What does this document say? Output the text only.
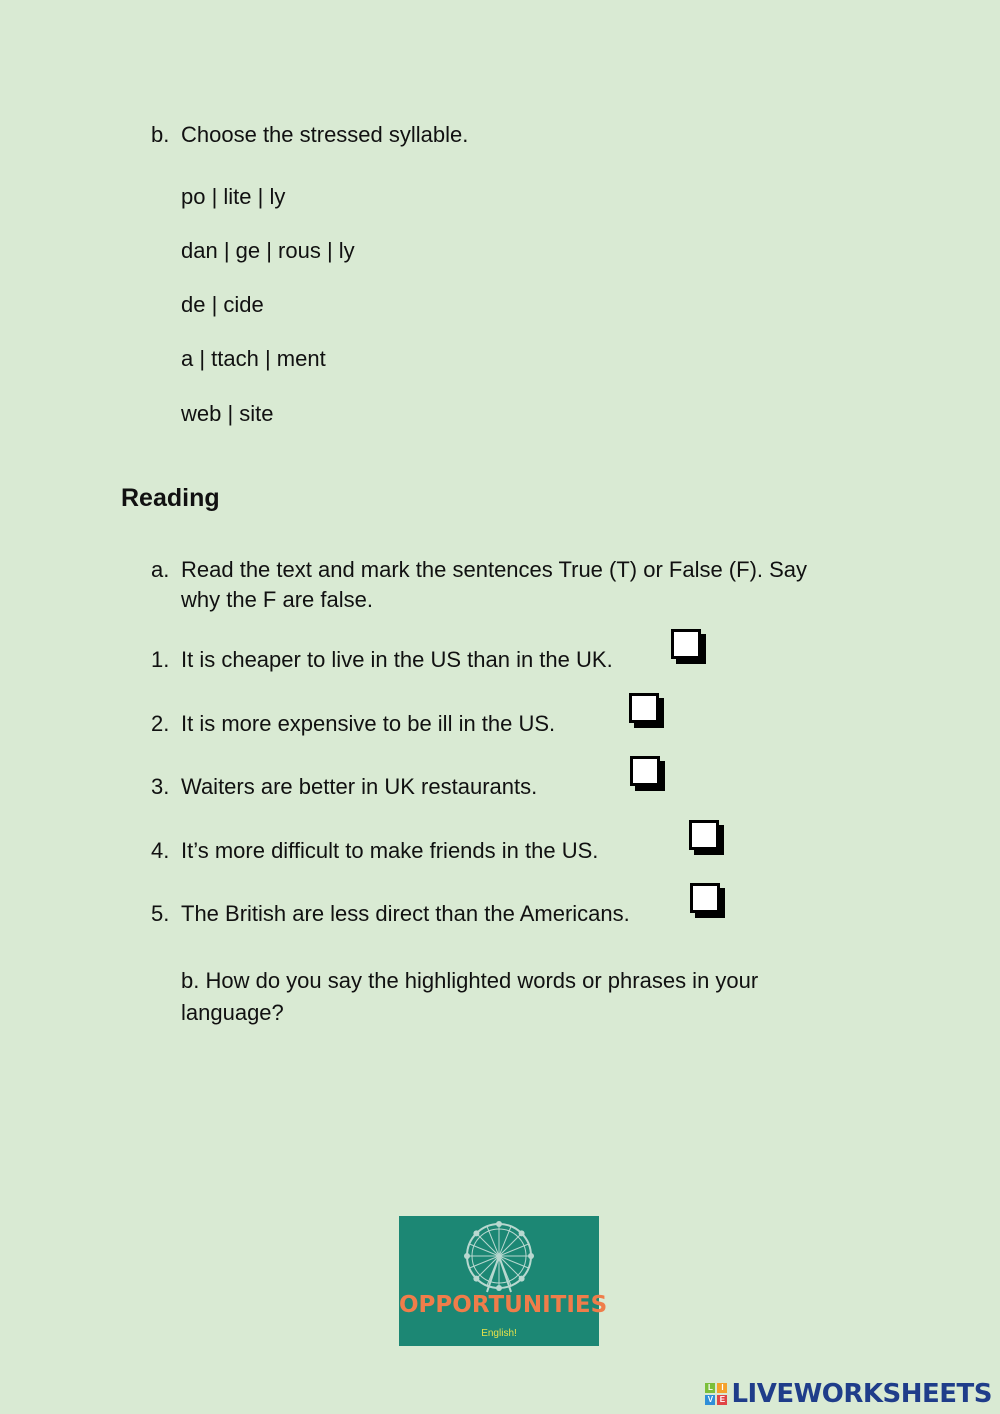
b. Choose the stressed syllable.
po | lite | ly
dan | ge | rous | ly
de | cide
a | ttach | ment
web | site
Reading
a. Read the text and mark the sentences True (T) or False (F). Say
why the F are false.
1. It is cheaper to live in the US than in the UK.
2. It is more expensive to be ill in the US.
3. Waiters are better in UK restaurants.
4. It’s more difficult to make friends in the US.
5. The British are less direct than the Americans.
b. How do you say the highlighted words or phrases in your
language?
OPPORTUNITIES
English!
L	I
V E LIVEWORKSHEETS
